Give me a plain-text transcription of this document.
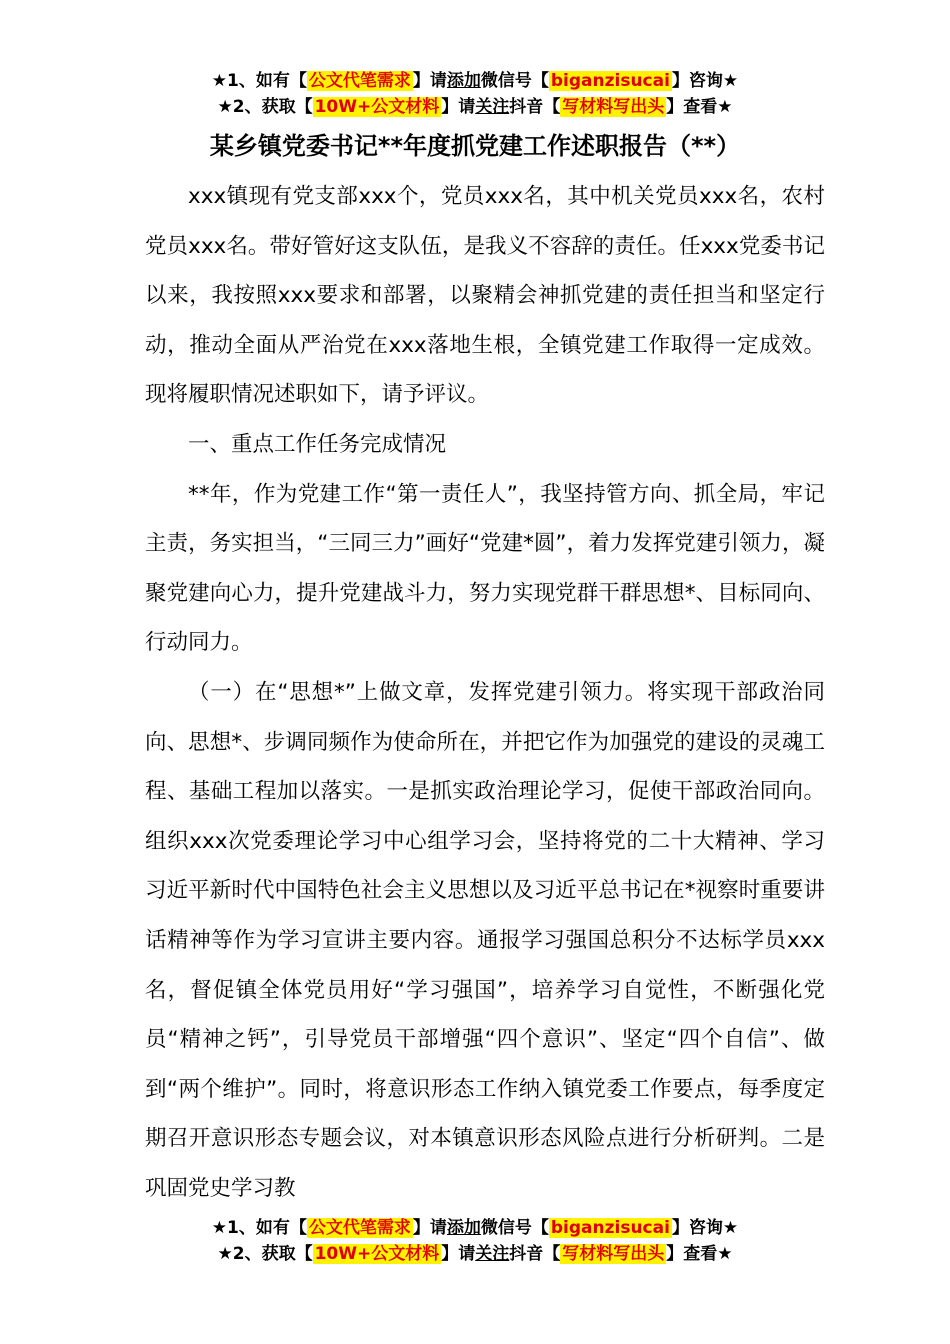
★1、如有【 公文代笔需求 】请添加微信号【 biganzisucai 】咨询★
★2、获取【 10W+公文材料 】请关注抖音【 写材料写出头 】查看★
某乡镇党委书记**年度抓党建工作述职报告（**）

xxx镇现有党支部xxx个，党员xxx名，其中机关党员xxx名，农村党员xxx名。带好管好这支队伍，是我义不容辞的责任。任xxx党委书记以来，我按照xxx要求和部署，以聚精会神抓党建的责任担当和坚定行动，推动全面从严治党在xxx落地生根，全镇党建工作取得一定成效。现将履职情况述职如下，请予评议。

一、重点工作任务完成情况

**年，作为党建工作“第一责任人”，我坚持管方向、抓全局，牢记主责，务实担当，“三同三力”画好“党建*圆”，着力发挥党建引领力，凝聚党建向心力，提升党建战斗力，努力实现党群干群思想*、目标同向、行动同力。

（一）在“思想*”上做文章，发挥党建引领力。将实现干部政治同向、思想*、步调同频作为使命所在，并把它作为加强党的建设的灵魂工程、基础工程加以落实。一是抓实政治理论学习，促使干部政治同向。组织xxx次党委理论学习中心组学习会，坚持将党的二十大精神、学习习近平新时代中国特色社会主义思想以及习近平总书记在*视察时重要讲话精神等作为学习宣讲主要内容。通报学习强国总积分不达标学员xxx名，督促镇全体党员用好“学习强国”，培养学习自觉性，不断强化党员“精神之钙”，引导党员干部增强“四个意识”、坚定“四个自信”、做到“两个维护”。同时，将意识形态工作纳入镇党委工作要点，每季度定期召开意识形态专题会议，对本镇意识形态风险点进行分析研判。二是巩固党史学习教

★1、如有【 公文代笔需求 】请添加微信号【 biganzisucai 】咨询★
★2、获取【 10W+公文材料 】请关注抖音【 写材料写出头 】查看★
